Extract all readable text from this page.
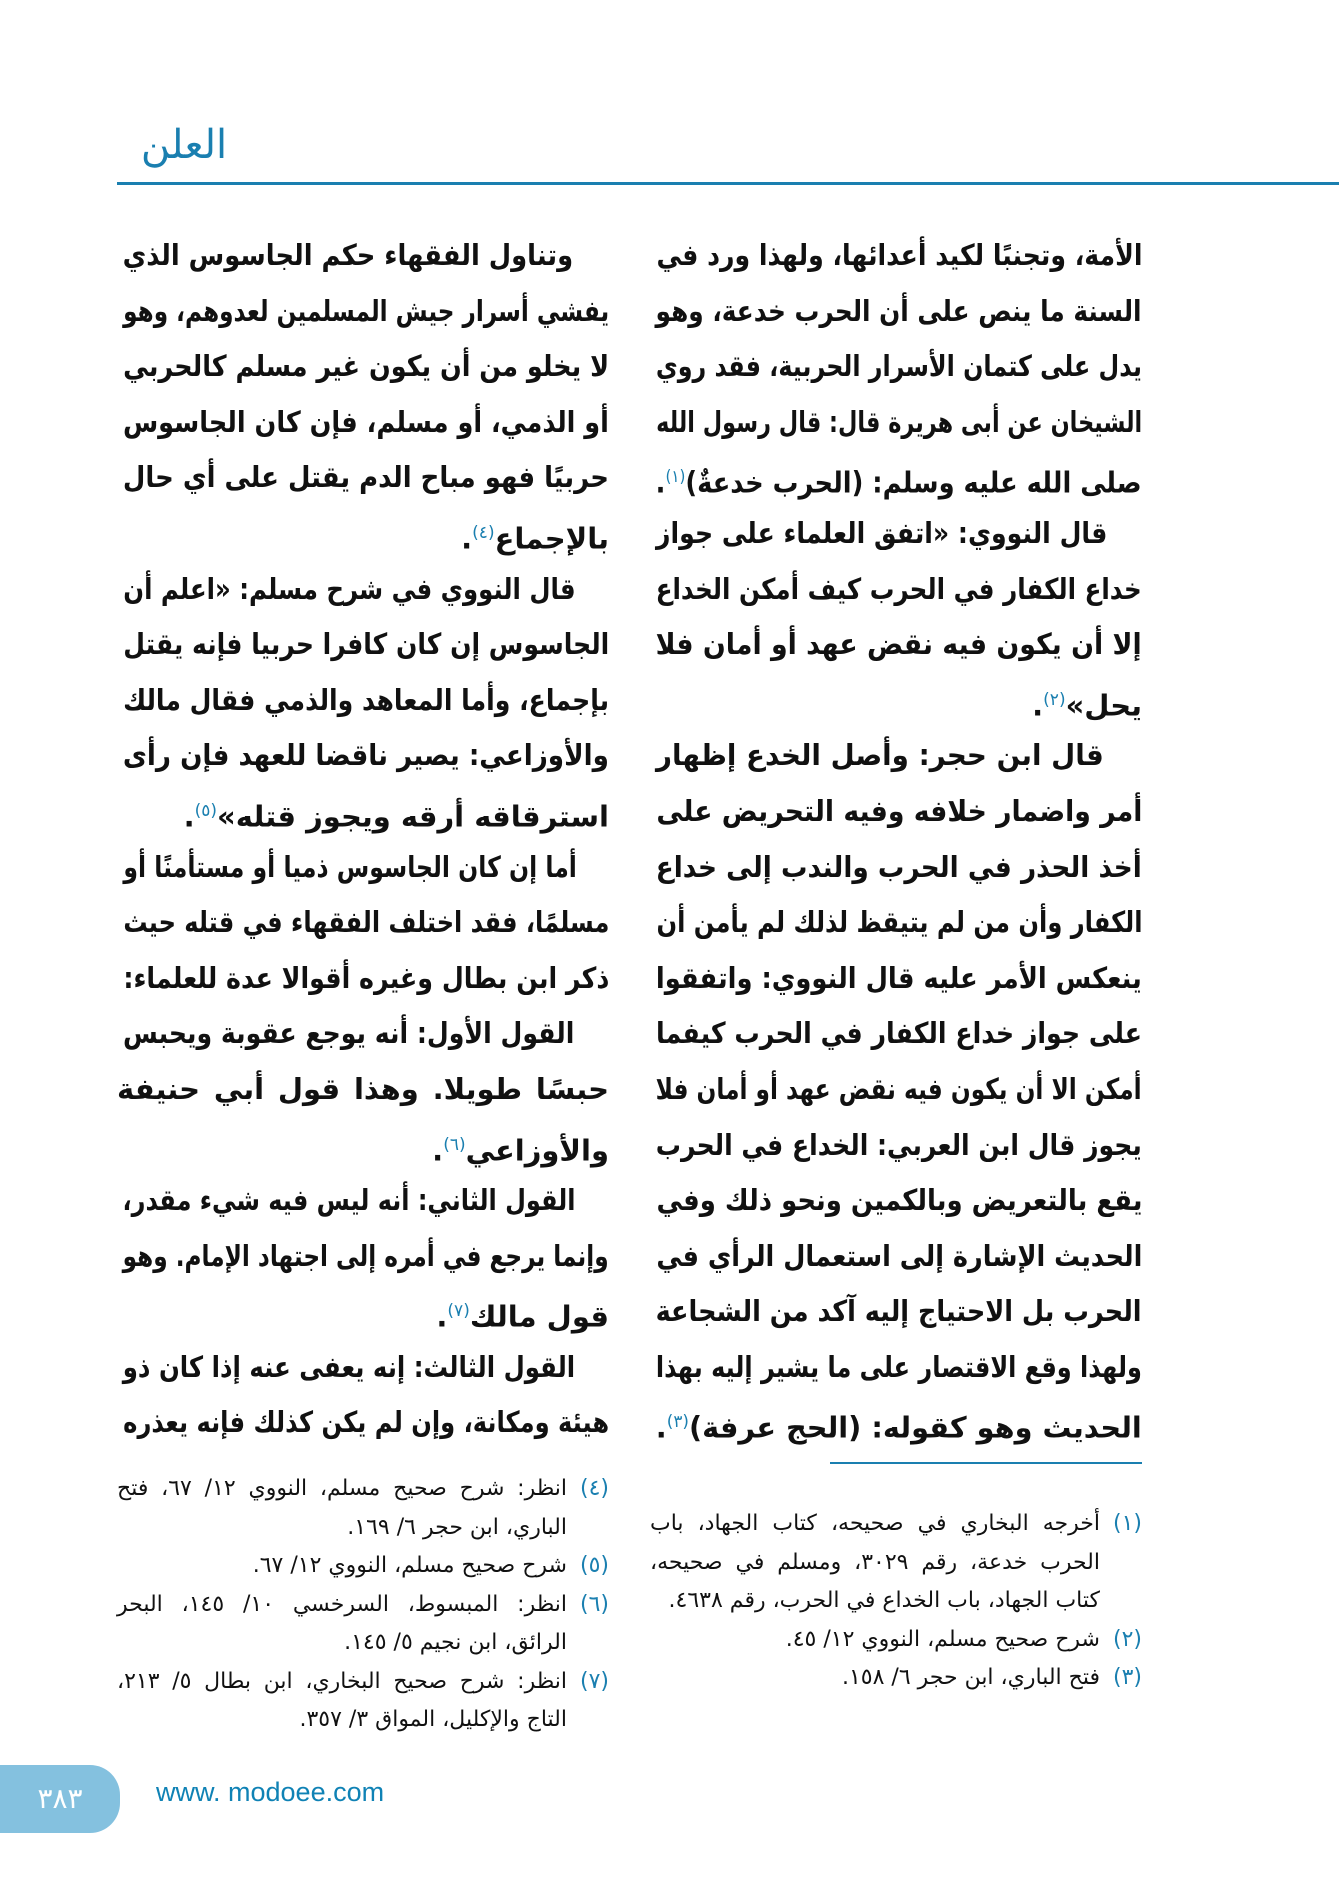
العلن
الأمة، وتجنبًا لكيد أعدائها، ولهذا ورد في
السنة ما ينص على أن الحرب خدعة، وهو
يدل على كتمان الأسرار الحربية، فقد روي
الشيخان عن أبى هريرة قال: قال رسول الله
صلى الله عليه وسلم: (الحرب خدعةٌ)$^{(١)}$.
قال النووي: «اتفق العلماء على جواز
خداع الكفار في الحرب كيف أمكن الخداع
إلا أن يكون فيه نقض عهد أو أمان فلا
يحل»$^{(٢)}$.
قال ابن حجر: وأصل الخدع إظهار
أمر واضمار خلافه وفيه التحريض على
أخذ الحذر في الحرب والندب إلى خداع
الكفار وأن من لم يتيقظ لذلك لم يأمن أن
ينعكس الأمر عليه قال النووي: واتفقوا
على جواز خداع الكفار في الحرب كيفما
أمكن الا أن يكون فيه نقض عهد أو أمان فلا
يجوز قال ابن العربي: الخداع في الحرب
يقع بالتعريض وبالكمين ونحو ذلك وفي
الحديث الإشارة إلى استعمال الرأي في
الحرب بل الاحتياج إليه آكد من الشجاعة
ولهذا وقع الاقتصار على ما يشير إليه بهذا
الحديث وهو كقوله: (الحج عرفة)$^{(٣)}$.
وتناول الفقهاء حكم الجاسوس الذي
يفشي أسرار جيش المسلمين لعدوهم، وهو
لا يخلو من أن يكون غير مسلم كالحربي
أو الذمي، أو مسلم، فإن كان الجاسوس
حربيًا فهو مباح الدم يقتل على أي حال
بالإجماع$^{(٤)}$.
قال النووي في شرح مسلم: «اعلم أن
الجاسوس إن كان كافرا حربيا فإنه يقتل
بإجماع، وأما المعاهد والذمي فقال مالك
والأوزاعي: يصير ناقضا للعهد فإن رأى
استرقاقه أرقه ويجوز قتله»$^{(٥)}$.
أما إن كان الجاسوس ذميا أو مستأمنًا أو
مسلمًا، فقد اختلف الفقهاء في قتله حيث
ذكر ابن بطال وغيره أقوالا عدة للعلماء:
القول الأول: أنه يوجع عقوبة ويحبس
حبسًا طويلا. وهذا قول أبي حنيفة
والأوزاعي$^{(٦)}$.
القول الثاني: أنه ليس فيه شيء مقدر،
وإنما يرجع في أمره إلى اجتهاد الإمام. وهو
قول مالك$^{(٧)}$.
القول الثالث: إنه يعفى عنه إذا كان ذو
هيئة ومكانة، وإن لم يكن كذلك فإنه يعذره
(١)
أخرجه البخاري في صحيحه، كتاب الجهاد، باب الحرب خدعة، رقم ٣٠٢٩، ومسلم في صحيحه، كتاب الجهاد، باب الخداع في الحرب، رقم ٤٦٣٨.
(٢)
شرح صحيح مسلم، النووي ١٢/ ٤٥.
(٣)
فتح الباري، ابن حجر ٦/ ١٥٨.
(٤)
انظر: شرح صحيح مسلم، النووي ١٢/ ٦٧، فتح الباري، ابن حجر ٦/ ١٦٩.
(٥)
شرح صحيح مسلم، النووي ١٢/ ٦٧.
(٦)
انظر: المبسوط، السرخسي ١٠/ ١٤٥، البحر الرائق، ابن نجيم ٥/ ١٤٥.
(٧)
انظر: شرح صحيح البخاري، ابن بطال ٥/ ٢١٣، التاج والإكليل، المواق ٣/ ٣٥٧.
٣٨٣	www. modoee.com
